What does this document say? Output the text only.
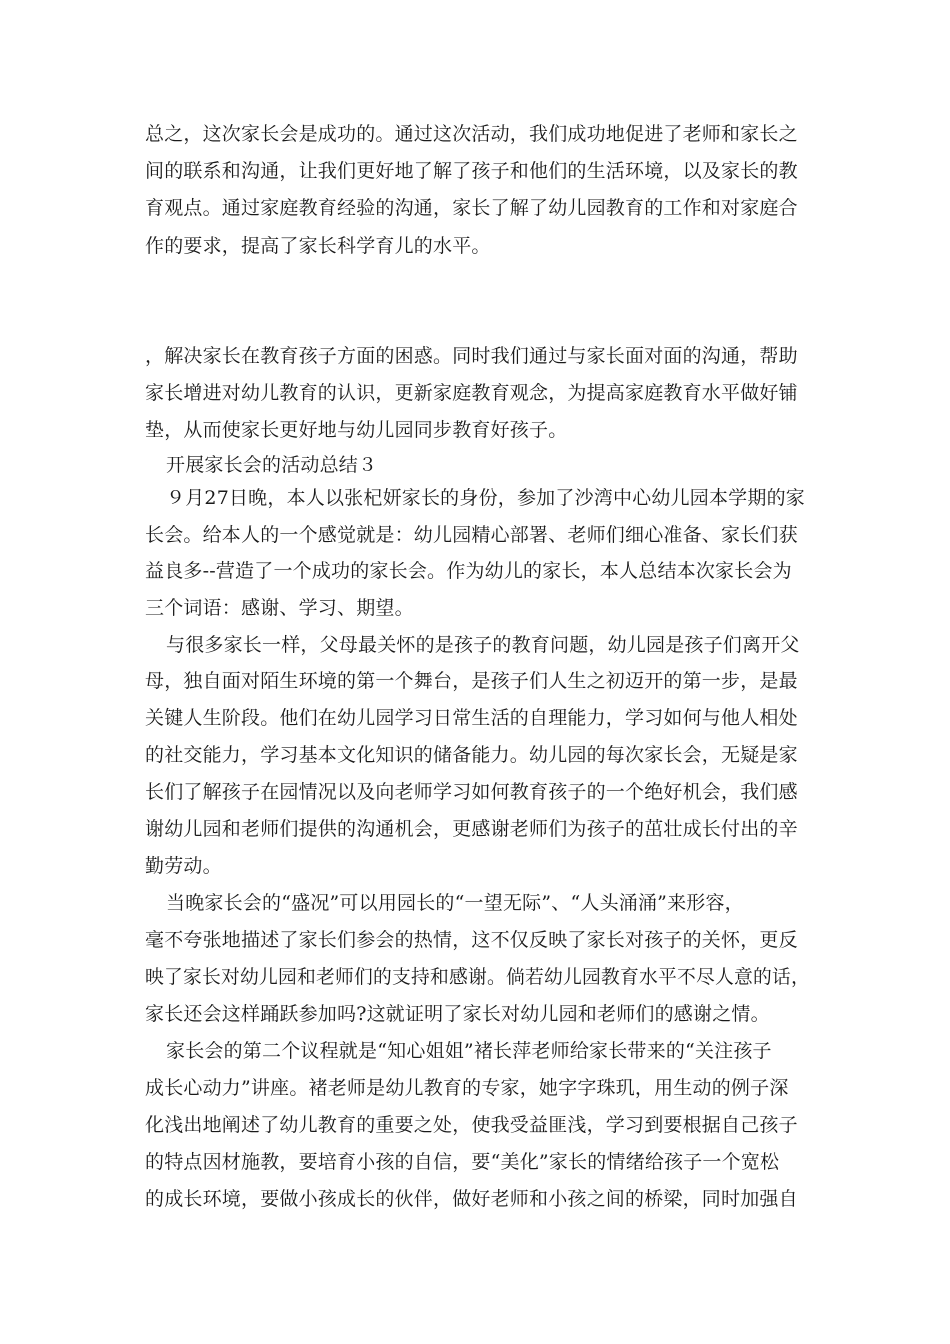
总之，这次家长会是成功的。通过这次活动，我们成功地促进了老师和家长之
间的联系和沟通，让我们更好地了解了孩子和他们的生活环境，以及家长的教
育观点。通过家庭教育经验的沟通，家长了解了幼儿园教育的工作和对家庭合
作的要求，提高了家长科学育儿的水平。
，解决家长在教育孩子方面的困惑。同时我们通过与家长面对面的沟通，帮助
家长增进对幼儿教育的认识，更新家庭教育观念，为提高家庭教育水平做好铺
垫，从而使家长更好地与幼儿园同步教育好孩子。
开展家长会的活动总结３
９月27日晚，本人以张杞妍家长的身份，参加了沙湾中心幼儿园本学期的家
长会。给本人的一个感觉就是：幼儿园精心部署、老师们细心准备、家长们获
益良多--营造了一个成功的家长会。作为幼儿的家长，本人总结本次家长会为
三个词语：感谢、学习、期望。
与很多家长一样，父母最关怀的是孩子的教育问题，幼儿园是孩子们离开父
母，独自面对陌生环境的第一个舞台，是孩子们人生之初迈开的第一步，是最
关键人生阶段。他们在幼儿园学习日常生活的自理能力，学习如何与他人相处
的社交能力，学习基本文化知识的储备能力。幼儿园的每次家长会，无疑是家
长们了解孩子在园情况以及向老师学习如何教育孩子的一个绝好机会，我们感
谢幼儿园和老师们提供的沟通机会，更感谢老师们为孩子的茁壮成长付出的辛
勤劳动。
当晚家长会的“盛况”可以用园长的“一望无际”、“人头涌涌”来形容，
毫不夸张地描述了家长们参会的热情，这不仅反映了家长对孩子的关怀，更反
映了家长对幼儿园和老师们的支持和感谢。倘若幼儿园教育水平不尽人意的话，
家长还会这样踊跃参加吗?这就证明了家长对幼儿园和老师们的感谢之情。
家长会的第二个议程就是“知心姐姐”褚长萍老师给家长带来的“关注孩子
成长心动力”讲座。褚老师是幼儿教育的专家，她字字珠玑，用生动的例子深
化浅出地阐述了幼儿教育的重要之处，使我受益匪浅，学习到要根据自己孩子
的特点因材施教，要培育小孩的自信，要“美化”家长的情绪给孩子一个宽松
的成长环境，要做小孩成长的伙伴，做好老师和小孩之间的桥梁，同时加强自
